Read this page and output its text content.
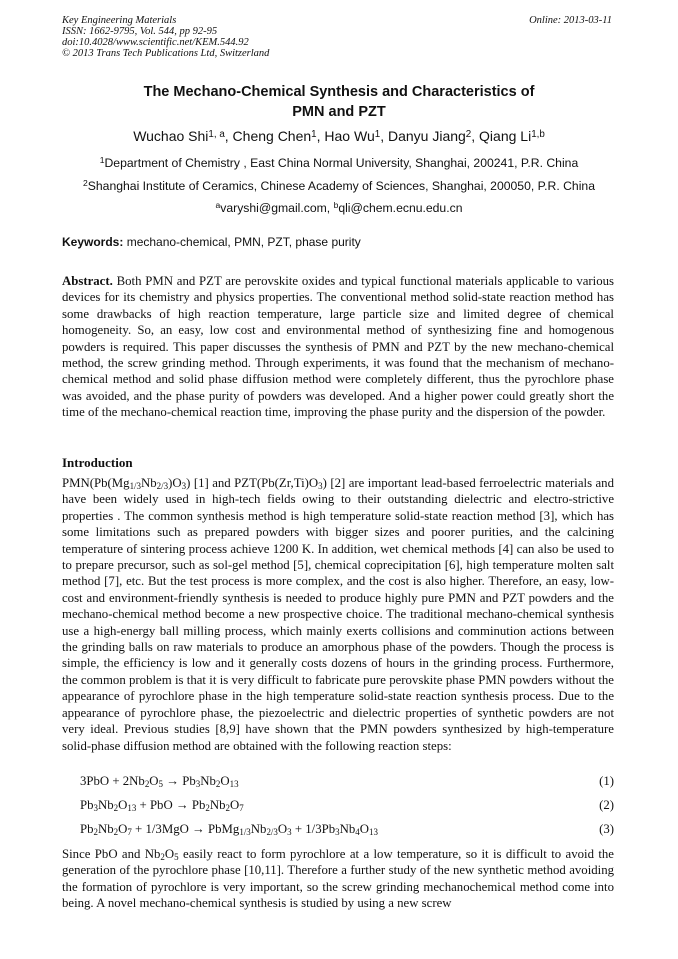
Key Engineering Materials
ISSN: 1662-9795, Vol. 544, pp 92-95
doi:10.4028/www.scientific.net/KEM.544.92
© 2013 Trans Tech Publications Ltd, Switzerland
Online: 2013-03-11
The Mechano-Chemical Synthesis and Characteristics of
PMN and PZT
Wuchao Shi$^{1, a}$, Cheng Chen$^1$, Hao Wu$^1$, Danyu Jiang$^2$, Qiang Li$^{1,b}$
$^1$Department of Chemistry , East China Normal University, Shanghai, 200241, P.R. China
$^2$Shanghai Institute of Ceramics, Chinese Academy of Sciences, Shanghai, 200050, P.R. China
$^a$varyshi@gmail.com, $^b$qli@chem.ecnu.edu.cn
Keywords: mechano-chemical, PMN, PZT, phase purity
Abstract. Both PMN and PZT are perovskite oxides and typical functional materials applicable to various devices for its chemistry and physics properties. The conventional method solid-state reaction method has some drawbacks of high reaction temperature, large particle size and limited degree of chemical homogeneity. So, an easy, low cost and environmental method of synthesizing fine and homogenous powders is required. This paper discusses the synthesis of PMN and PZT by the new mechano-chemical method, the screw grinding method. Through experiments, it was found that the mechanism of mechano-chemical method and solid phase diffusion method were completely different, thus the pyrochlore phase was avoided, and the phase purity of powders was developed. And a higher power could greatly short the time of the mechano-chemical reaction time, improving the phase purity and the dispersion of the powder.
Introduction
$PMN(Pb(Mg_{1/3}Nb_{2/3})O_3)$ [1] and $PZT(Pb(Zr,Ti)O_3)$ [2] are important lead-based ferroelectric materials and have been widely used in high-tech fields owing to their outstanding dielectric and electro-strictive properties . The common synthesis method is high temperature solid-state reaction method [3], which has some limitations such as prepared powders with bigger sizes and poorer purities, and the calcining temperature of sintering process achieve 1200 K. In addition, wet chemical methods [4] can also be used to to prepare precursor, such as sol-gel method [5], chemical coprecipitation [6], high temperature molten salt method [7], etc. But the test process is more complex, and the cost is also higher. Therefore, an easy, low-cost and environment-friendly synthesis is needed to produce highly pure PMN and PZT powders and the mechano-chemical method become a new prospective choice. The traditional mechano-chemical synthesis use a high-energy ball milling process, which mainly exerts collisions and comminution actions between the grinding balls on raw materials to produce an amorphous phase of the powders. Though the process is simple, the efficiency is low and it generally costs dozens of hours in the grinding process. Furthermore, the common problem is that it is very difficult to fabricate pure perovskite phase PMN powders without the appearance of pyrochlore phase in the high temperature solid-state reaction synthesis process. Due to the appearance of pyrochlore phase, the piezoelectric and dielectric properties of synthetic powders are not very ideal. Previous studies [8,9] have shown that the PMN powders synthesized by high-temperature solid-phase diffusion method are obtained with the following reaction steps:
$3PbO + 2Nb_2O_5 \to Pb_3Nb_2O_{13}$	(1)
$Pb_3Nb_2O_{13}$ + PbO → $Pb_2Nb_2O_7$	(2)
$Pb_2Nb_2O_7 + 1/3MgO$ → $PbMg_{1/3}Nb_{2/3}O_3 + 1/3Pb_3Nb_4O_{13}$	(3)
Since PbO and $Nb_2O_5$ easily react to form pyrochlore at a low temperature, so it is difficult to avoid the generation of the pyrochlore phase [10,11]. Therefore a further study of the new synthetic method avoiding the formation of pyrochlore is very important, so the screw grinding mechanochemical method come into being. A novel mechano-chemical synthesis is studied by using a new screw
